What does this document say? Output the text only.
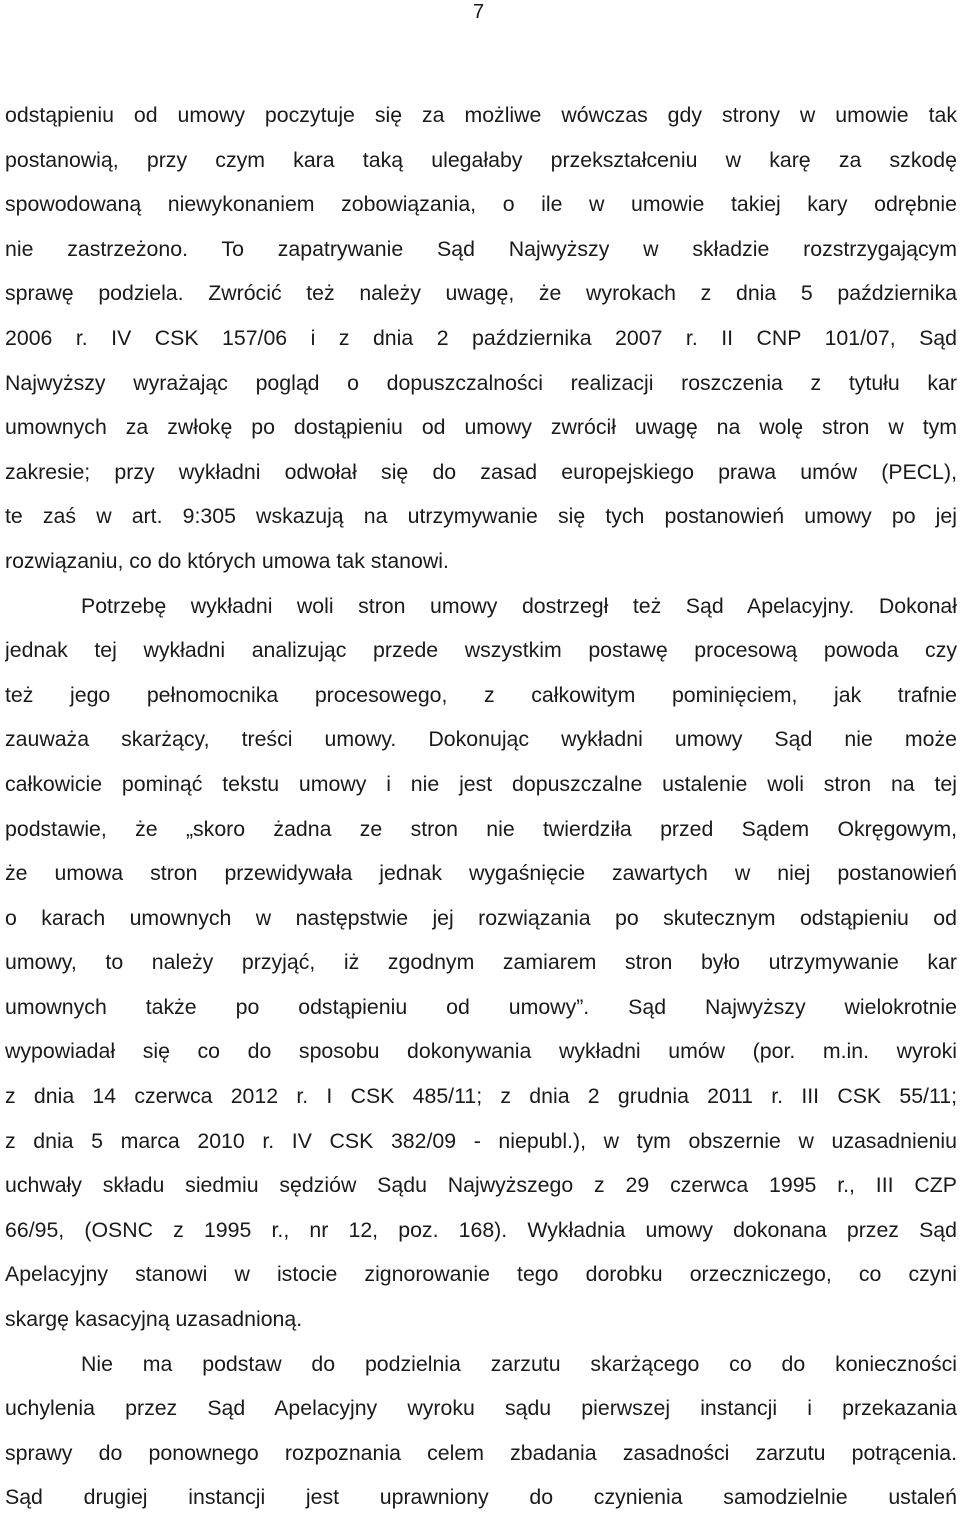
7
odstąpieniu od umowy poczytuje się za możliwe wówczas gdy strony w umowie tak
postanowią, przy czym kara taką ulegałaby przekształceniu w karę za szkodę
spowodowaną niewykonaniem zobowiązania, o ile w umowie takiej kary odrębnie
nie zastrzeżono. To zapatrywanie Sąd Najwyższy w składzie rozstrzygającym
sprawę podziela. Zwrócić też należy uwagę, że wyrokach z dnia 5 października
2006 r. IV CSK 157/06 i z dnia 2 października 2007 r. II CNP 101/07, Sąd
Najwyższy wyrażając pogląd o dopuszczalności realizacji roszczenia z tytułu kar
umownych za zwłokę po dostąpieniu od umowy zwrócił uwagę na wolę stron w tym
zakresie; przy wykładni odwołał się do zasad europejskiego prawa umów (PECL),
te zaś w art. 9:305 wskazują na utrzymywanie się tych postanowień umowy po jej
rozwiązaniu, co do których umowa tak stanowi.
Potrzebę wykładni woli stron umowy dostrzegł też Sąd Apelacyjny. Dokonał
jednak tej wykładni analizując przede wszystkim postawę procesową powoda czy
też jego pełnomocnika procesowego, z całkowitym pominięciem, jak trafnie
zauważa skarżący, treści umowy. Dokonując wykładni umowy Sąd nie może
całkowicie pominąć tekstu umowy i nie jest dopuszczalne ustalenie woli stron na tej
podstawie, że „skoro żadna ze stron nie twierdziła przed Sądem Okręgowym,
że umowa stron przewidywała jednak wygaśnięcie zawartych w niej postanowień
o karach umownych w następstwie jej rozwiązania po skutecznym odstąpieniu od
umowy, to należy przyjąć, iż zgodnym zamiarem stron było utrzymywanie kar
umownych także po odstąpieniu od umowy”. Sąd Najwyższy wielokrotnie
wypowiadał się co do sposobu dokonywania wykładni umów (por. m.in. wyroki
z dnia 14 czerwca 2012 r. I CSK 485/11; z dnia 2 grudnia 2011 r. III CSK 55/11;
z dnia 5 marca 2010 r. IV CSK 382/09 - niepubl.), w tym obszernie w uzasadnieniu
uchwały składu siedmiu sędziów Sądu Najwyższego z 29 czerwca 1995 r., III CZP
66/95, (OSNC z 1995 r., nr 12, poz. 168). Wykładnia umowy dokonana przez Sąd
Apelacyjny stanowi w istocie zignorowanie tego dorobku orzeczniczego, co czyni
skargę kasacyjną uzasadnioną.
Nie ma podstaw do podzielnia zarzutu skarżącego co do konieczności
uchylenia przez Sąd Apelacyjny wyroku sądu pierwszej instancji i przekazania
sprawy do ponownego rozpoznania celem zbadania zasadności zarzutu potrącenia.
Sąd drugiej instancji jest uprawniony do czynienia samodzielnie ustaleń
